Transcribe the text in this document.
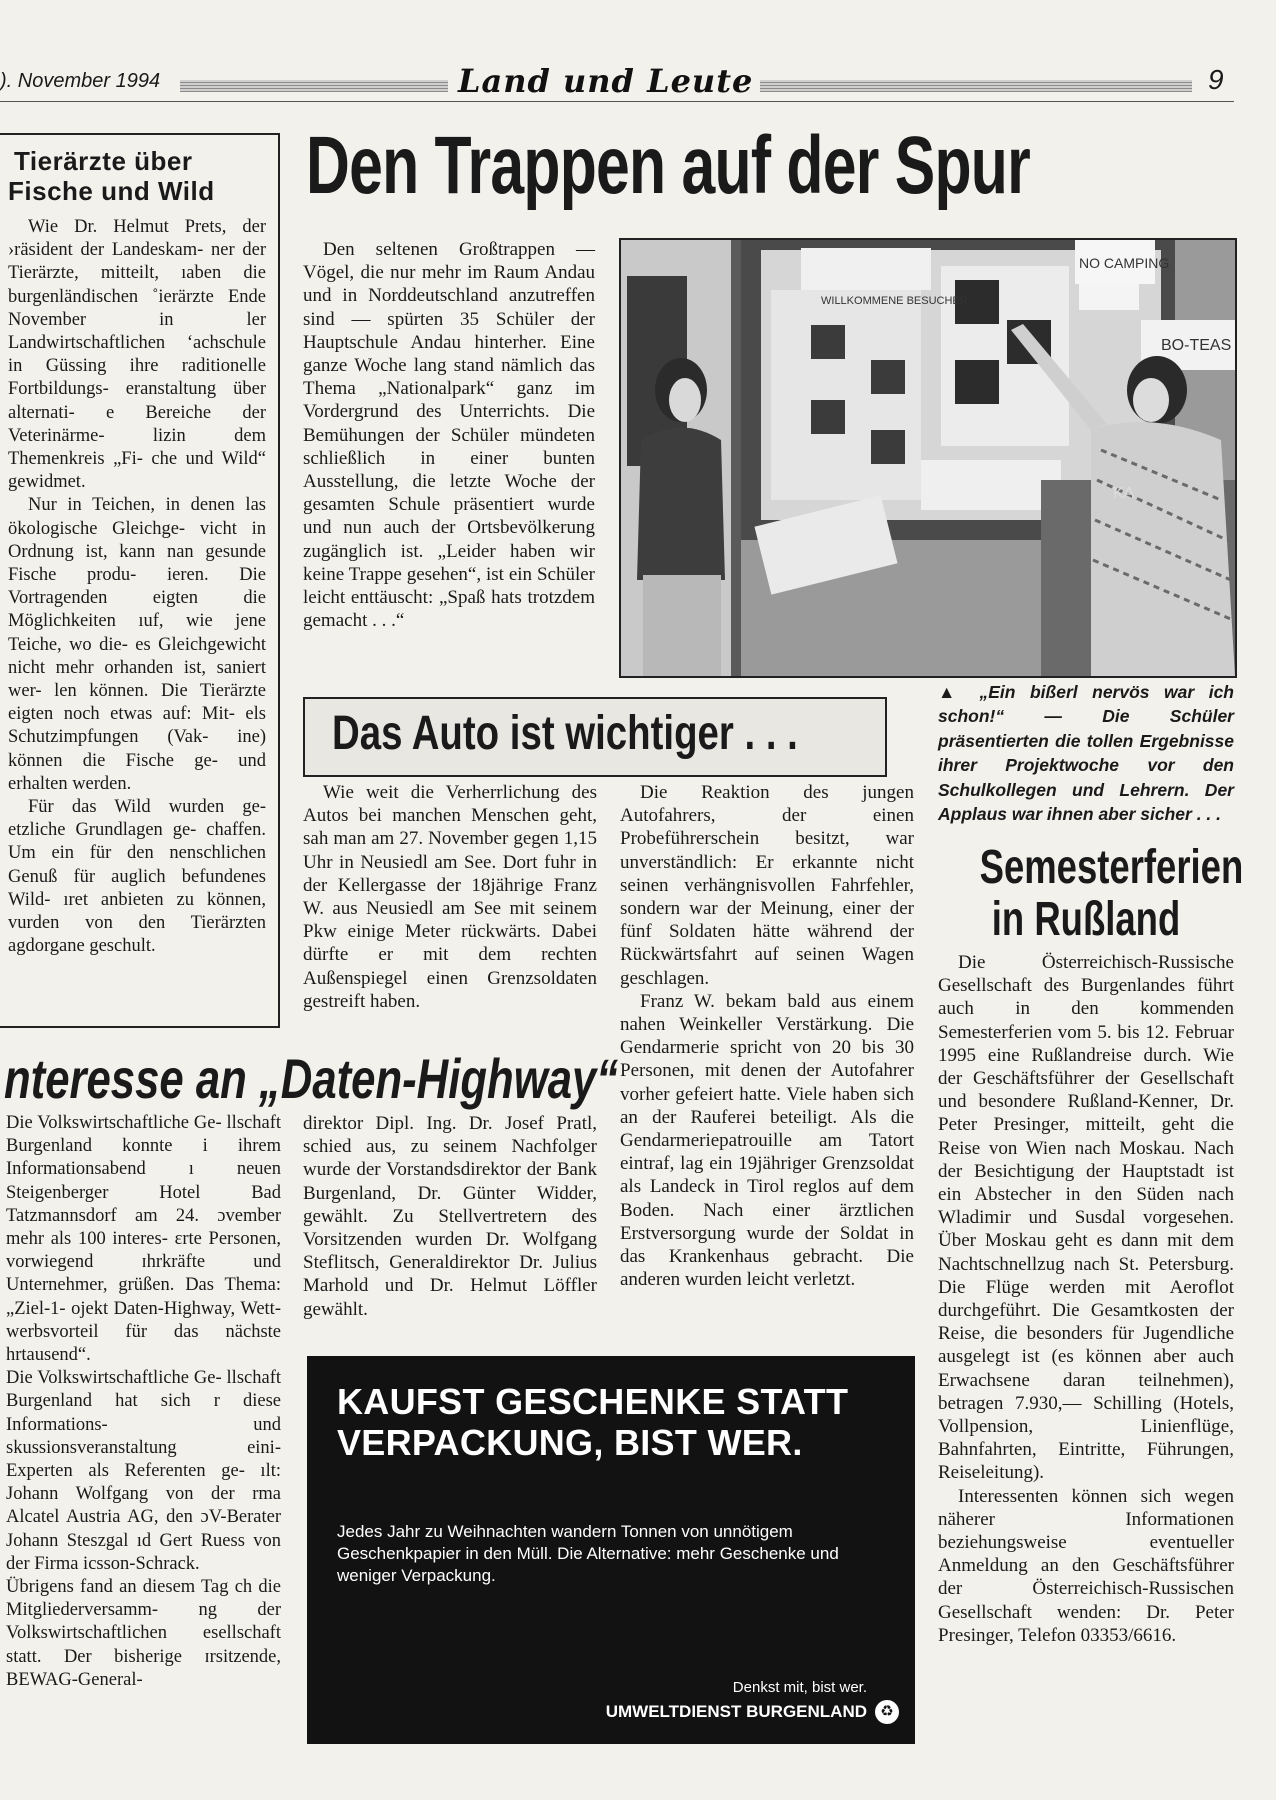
). November 1994	Land und Leute	9
Tierärzte über
Fische und Wild

Wie Dr. Helmut Prets, der ›räsident der Landeskam- ner der Tierärzte, mitteilt, ıaben die burgenländischen ˚ierärzte Ende November in ler Landwirtschaftlichen ‘achschule in Güssing ihre raditionelle Fortbildungs- eranstaltung über alternati- e Bereiche der Veterinärme- lizin dem Themenkreis „Fi- che und Wild“ gewidmet.

Nur in Teichen, in denen las ökologische Gleichge- vicht in Ordnung ist, kann nan gesunde Fische produ- ieren. Die Vortragenden eigten die Möglichkeiten ıuf, wie jene Teiche, wo die- es Gleichgewicht nicht mehr orhanden ist, saniert wer- len können. Die Tierärzte eigten noch etwas auf: Mit- els Schutzimpfungen (Vak- ine) können die Fische ge- und erhalten werden.

Für das Wild wurden ge- etzliche Grundlagen ge- chaffen. Um ein für den nenschlichen Genuß für auglich befundenes Wild- ıret anbieten zu können, vurden von den Tierärzten agdorgane geschult.

Den Trappen auf der Spur

Den seltenen Großtrappen — Vögel, die nur mehr im Raum Andau und in Norddeutschland anzutreffen sind — spürten 35 Schüler der Hauptschule Andau hinterher. Eine ganze Woche lang stand nämlich das Thema „Nationalpark“ ganz im Vordergrund des Unterrichts. Die Bemühungen der Schüler mündeten schließlich in einer bunten Ausstellung, die letzte Woche der gesamten Schule präsentiert wurde und nun auch der Ortsbevölkerung zugänglich ist. „Leider haben wir keine Trappe gesehen“, ist ein Schüler leicht enttäuscht: „Spaß hats trotzdem gemacht . . .“

WILLKOMMENE BESUCHER
NO CAMPING
BO-TEAS
KA
▲ „Ein bißerl nervös war ich schon!“ — Die Schüler präsentierten die tollen Ergebnisse ihrer Projektwoche vor den Schulkollegen und Lehrern. Der Applaus war ihnen aber sicher . . .
Das Auto ist wichtiger . . .

Wie weit die Verherrlichung des Autos bei manchen Menschen geht, sah man am 27. November gegen 1,15 Uhr in Neusiedl am See. Dort fuhr in der Kellergasse der 18jährige Franz W. aus Neusiedl am See mit seinem Pkw einige Meter rückwärts. Dabei dürfte er mit dem rechten Außenspiegel einen Grenzsoldaten gestreift haben.

Die Reaktion des jungen Autofahrers, der einen Probeführerschein besitzt, war unverständlich: Er erkannte nicht seinen verhängnisvollen Fahrfehler, sondern war der Meinung, einer der fünf Soldaten hätte während der Rückwärtsfahrt auf seinen Wagen geschlagen.

Franz W. bekam bald aus einem nahen Weinkeller Verstärkung. Die Gendarmerie spricht von 20 bis 30 Personen, mit denen der Autofahrer vorher gefeiert hatte. Viele haben sich an der Rauferei beteiligt. Als die Gendarmeriepatrouille am Tatort eintraf, lag ein 19jähriger Grenzsoldat als Landeck in Tirol reglos auf dem Boden. Nach einer ärztlichen Erstversorgung wurde der Soldat in das Krankenhaus gebracht. Die anderen wurden leicht verletzt.

Semesterferien
in Rußland

Die Österreichisch-Russische Gesellschaft des Burgenlandes führt auch in den kommenden Semesterferien vom 5. bis 12. Februar 1995 eine Rußlandreise durch. Wie der Geschäftsführer der Gesellschaft und besondere Rußland-Kenner, Dr. Peter Presinger, mitteilt, geht die Reise von Wien nach Moskau. Nach der Besichtigung der Hauptstadt ist ein Abstecher in den Süden nach Wladimir und Susdal vorgesehen. Über Moskau geht es dann mit dem Nachtschnellzug nach St. Petersburg. Die Flüge werden mit Aeroflot durchgeführt. Die Gesamtkosten der Reise, die besonders für Jugendliche ausgelegt ist (es können aber auch Erwachsene daran teilnehmen), betragen 7.930,— Schilling (Hotels, Vollpension, Linienflüge, Bahnfahrten, Eintritte, Führungen, Reiseleitung).

Interessenten können sich wegen näherer Informationen beziehungsweise eventueller Anmeldung an den Geschäftsführer der Österreichisch-Russischen Gesellschaft wenden: Dr. Peter Presinger, Telefon 03353/6616.

nteresse an „Daten-Highway“

Die Volkswirtschaftliche Ge- llschaft Burgenland konnte i ihrem Informationsabend ı neuen Steigenberger Hotel Bad Tatzmannsdorf am 24. ɔvember mehr als 100 interes- ɛrte Personen, vorwiegend ɪhrkräfte und Unternehmer, grüßen. Das Thema: „Ziel-1- ojekt Daten-Highway, Wett- werbsvorteil für das nächste hrtausend“.

Die Volkswirtschaftliche Ge- llschaft Burgenland hat sich r diese Informations- und skussionsveranstaltung eini- Experten als Referenten ge- ılt: Johann Wolfgang von der rma Alcatel Austria AG, den ɔV-Berater Johann Steszgal ıd Gert Ruess von der Firma icsson-Schrack.

Übrigens fand an diesem Tag ch die Mitgliederversamm- ng der Volkswirtschaftlichen esellschaft statt. Der bisherige ɪrsitzende, BEWAG-General-

direktor Dipl. Ing. Dr. Josef Pratl, schied aus, zu seinem Nachfolger wurde der Vorstandsdirektor der Bank Burgenland, Dr. Günter Widder, gewählt. Zu Stellvertretern des Vorsitzenden wurden Dr. Wolfgang Steflitsch, Generaldirektor Dr. Julius Marhold und Dr. Helmut Löffler gewählt.

KAUFST GESCHENKE STATT
VERPACKUNG, BIST WER.
Jedes Jahr zu Weihnachten wandern Tonnen von unnötigem Geschenkpapier in den Müll. Die Alternative: mehr Geschenke und weniger Verpackung.
Denkst mit, bist wer.
UMWELTDIENST BURGENLAND ♻
